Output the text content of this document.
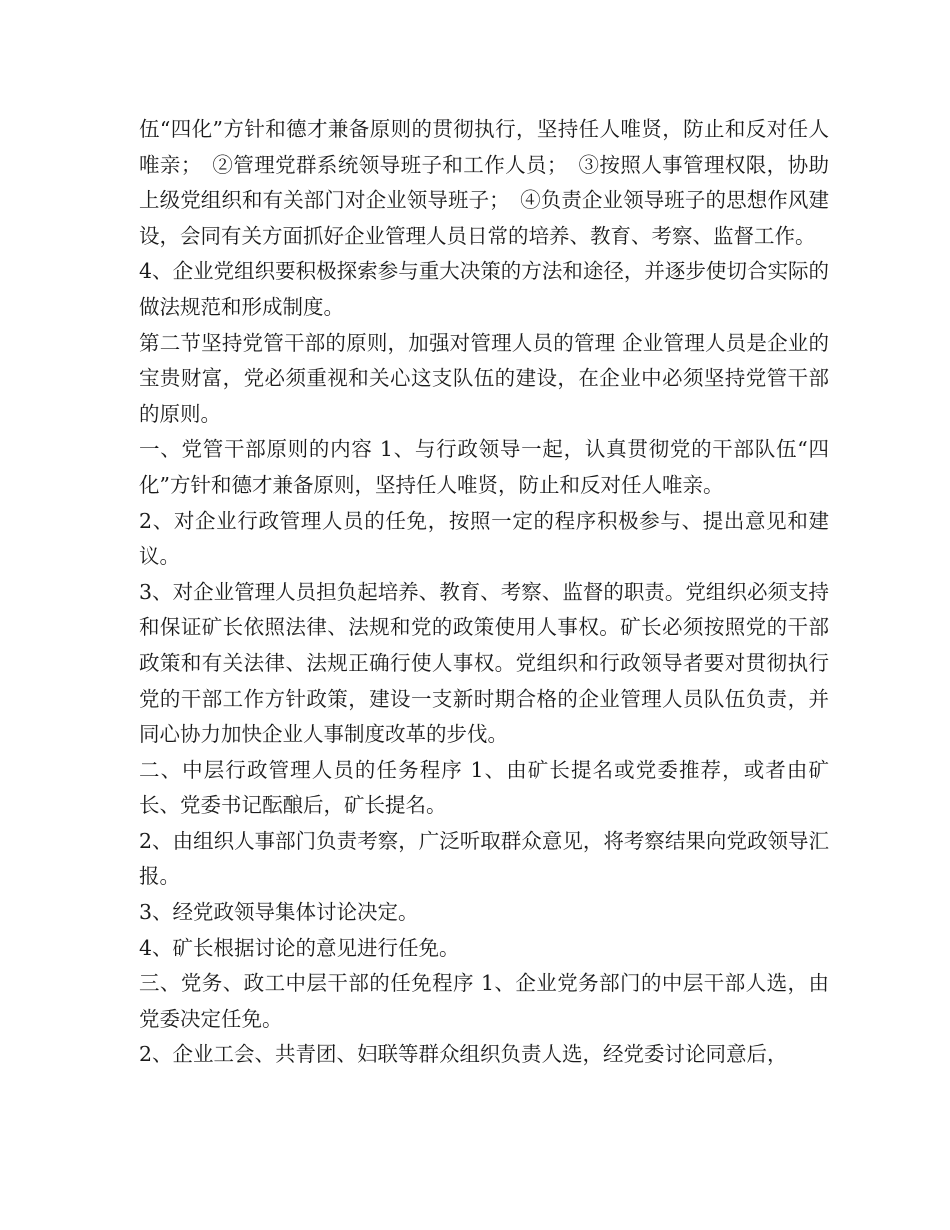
伍“四化”方针和德才兼备原则的贯彻执行，坚持任人唯贤，防止和反对任人唯亲；　②管理党群系统领导班子和工作人员；　③按照人事管理权限，协助上级党组织和有关部门对企业领导班子；　④负责企业领导班子的思想作风建设，会同有关方面抓好企业管理人员日常的培养、教育、考察、监督工作。

4、企业党组织要积极探索参与重大决策的方法和途径，并逐步使切合实际的做法规范和形成制度。

第二节坚持党管干部的原则，加强对管理人员的管理 企业管理人员是企业的宝贵财富，党必须重视和关心这支队伍的建设，在企业中必须坚持党管干部的原则。

一、党管干部原则的内容 1、与行政领导一起，认真贯彻党的干部队伍“四化”方针和德才兼备原则，坚持任人唯贤，防止和反对任人唯亲。

2、对企业行政管理人员的任免，按照一定的程序积极参与、提出意见和建议。

3、对企业管理人员担负起培养、教育、考察、监督的职责。党组织必须支持和保证矿长依照法律、法规和党的政策使用人事权。矿长必须按照党的干部政策和有关法律、法规正确行使人事权。党组织和行政领导者要对贯彻执行党的干部工作方针政策，建设一支新时期合格的企业管理人员队伍负责，并同心协力加快企业人事制度改革的步伐。

二、中层行政管理人员的任务程序 1、由矿长提名或党委推荐，或者由矿长、党委书记酝酿后，矿长提名。

2、由组织人事部门负责考察，广泛听取群众意见，将考察结果向党政领导汇报。

3、经党政领导集体讨论决定。

4、矿长根据讨论的意见进行任免。

三、党务、政工中层干部的任免程序 1、企业党务部门的中层干部人选，由党委决定任免。

2、企业工会、共青团、妇联等群众组织负责人选，经党委讨论同意后，
